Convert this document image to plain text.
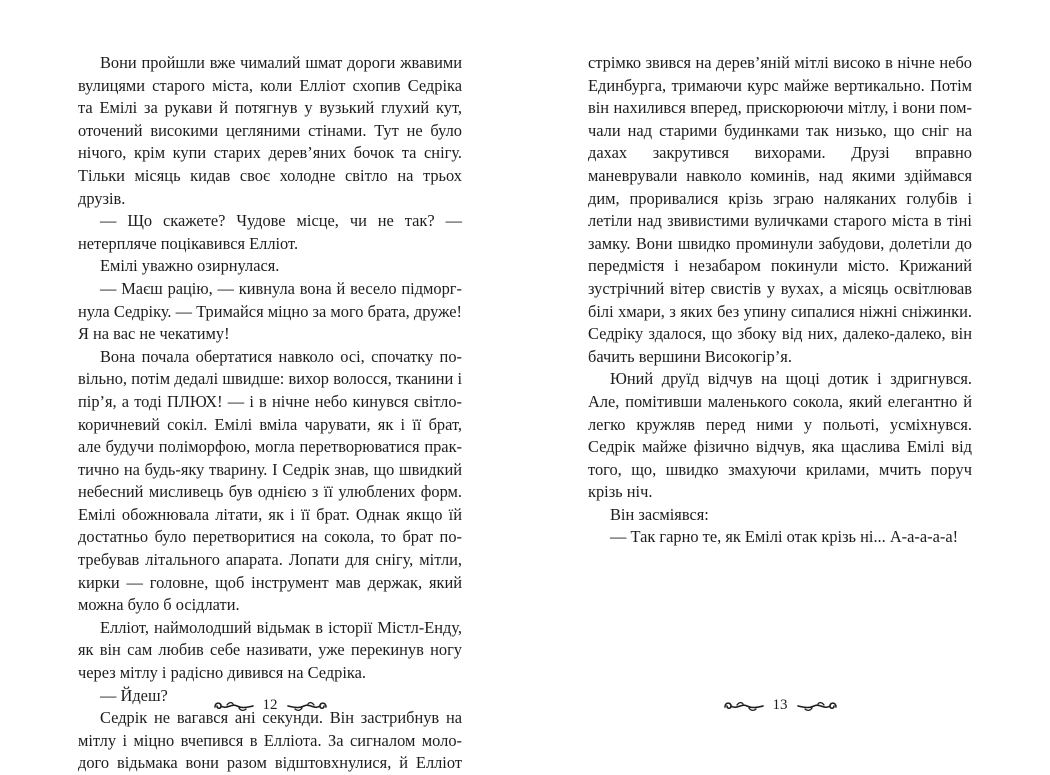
Вони пройшли вже чималий шмат дороги жвавими вулицями старого міста, коли Елліот схопив Седріка та Емілі за рукави й потягнув у вузький глухий кут, оточений високими цегляними стінами. Тут не було нічого, крім купи старих дерев’яних бочок та снігу. Тільки місяць кидав своє холодне світло на трьох друзів.

— Що скажете? Чудове місце, чи не так? — нетерпляче поцікавився Елліот.

Емілі уважно озирнулася.

— Маєш рацію, — кивнула вона й весело підморгнула Седріку. — Тримайся міцно за мого брата, друже! Я на вас не чекатиму!

Вона почала обертатися навколо осі, спочатку повільно, потім дедалі швидше: вихор волосся, тканини і пір’я, а тоді ПЛЮХ! — і в нічне небо кинувся світлокоричневий сокіл. Емілі вміла чарувати, як і її брат, але будучи поліморфою, могла перетворюватися практично на будь-яку тварину. І Седрік знав, що швидкий небесний мисливець був однією з її улюблених форм. Емілі обожнювала літати, як і її брат. Однак якщо їй достатньо було перетворитися на сокола, то брат потребував літального апарата. Лопати для снігу, мітли, кирки — головне, щоб інструмент мав держак, який можна було б осідлати.

Елліот, наймолодший відьмак в історії Містл-Енду, як він сам любив себе називати, уже перекинув ногу через мітлу і радісно дивився на Седріка.

— Йдеш?

Седрік не вагався ані секунди. Він застрибнув на мітлу і міцно вчепився в Елліота. За сигналом молодого відьмака вони разом відштовхнулися, й Елліот

12

стрімко звився на дерев’яній мітлі високо в нічне небо Единбурга, тримаючи курс майже вертикально. Потім він нахилився вперед, прискорюючи мітлу, і вони помчали над старими будинками так низько, що сніг на дахах закрутився вихорами. Друзі вправно маневрували навколо коминів, над якими здіймався дим, проривалися крізь зграю наляканих голубів і летіли над звивистими вуличками старого міста в тіні замку. Вони швидко проминули забудови, долетіли до передмістя і незабаром покинули місто. Крижаний зустрічний вітер свистів у вухах, а місяць освітлював білі хмари, з яких без упину сипалися ніжні сніжинки. Седріку здалося, що збоку від них, далеко-далеко, він бачить вершини Високогір’я.

Юний друїд відчув на щоці дотик і здригнувся. Але, помітивши маленького сокола, який елегантно й легко кружляв перед ними у польоті, усміхнувся. Седрік майже фізично відчув, яка щаслива Емілі від того, що, швидко змахуючи крилами, мчить поруч крізь ніч.

Він засміявся:

— Так гарно те, як Емілі отак крізь ні... А-а-а-а-а!

13
